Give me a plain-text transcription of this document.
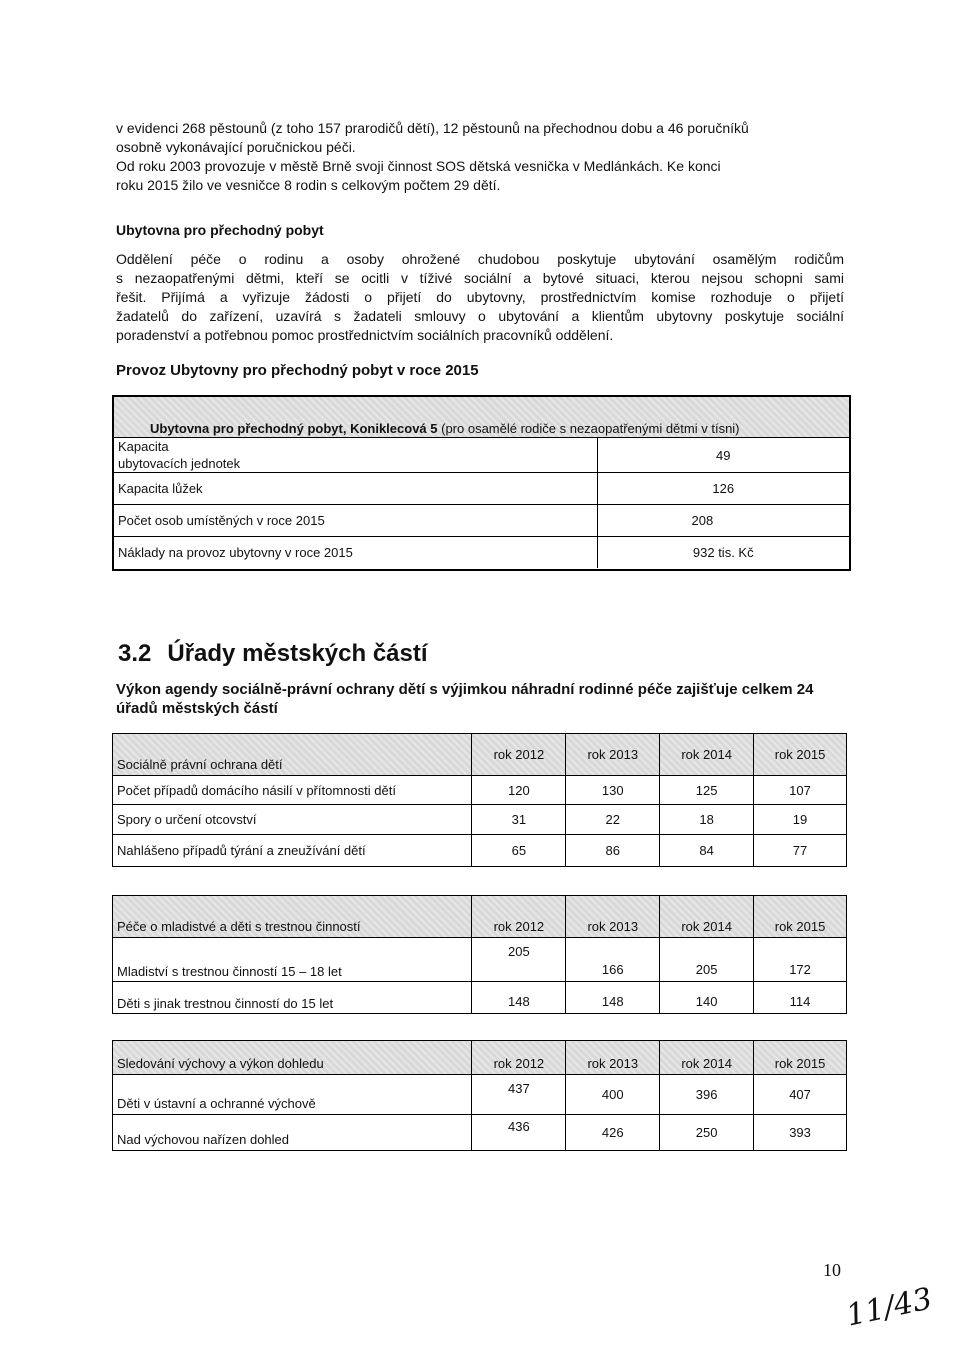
v evidenci 268 pěstounů (z toho 157 prarodičů dětí), 12 pěstounů na přechodnou dobu a 46 poručníků
osobně vykonávající poručnickou péči.
Od roku 2003 provozuje v městě Brně svoji činnost SOS dětská vesnička v Medlánkách. Ke konci
roku 2015 žilo ve vesničce 8 rodin s celkovým počtem 29 dětí.

Ubytovna pro přechodný pobyt

Oddělení péče o rodinu a osoby ohrožené chudobou poskytuje ubytování osamělým rodičům
s nezaopatřenými dětmi, kteří se ocitli v tíživé sociální a bytové situaci, kterou nejsou schopni sami
řešit. Přijímá a vyřizuje žádosti o přijetí do ubytovny, prostřednictvím komise rozhoduje o přijetí
žadatelů do zařízení, uzavírá s žadateli smlouvy o ubytování a klientům ubytovny poskytuje sociální
poradenství a potřebnou pomoc prostřednictvím sociálních pracovníků oddělení.

Provoz Ubytovny pro přechodný pobyt v roce 2015

Ubytovna pro přechodný pobyt, Koniklecová 5 (pro osamělé rodiče s nezaopatřenými dětmi v tísni)
Kapacita
ubytovacích jednotek	49
Kapacita lůžek	126
Počet osob umístěných v roce 2015	208
Náklady na provoz ubytovny v roce 2015	932 tis. Kč

3.2 Úřady městských částí

Výkon agendy sociálně-právní ochrany dětí s výjimkou náhradní rodinné péče zajišťuje celkem 24 úřadů městských částí

Sociálně právní ochrana dětí	rok 2012	rok 2013	rok 2014	rok 2015
Počet případů domácího násilí v přítomnosti dětí	120	130	125	107
Spory o určení otcovství	31	22	18	19
Nahlášeno případů týrání a zneužívání dětí	65	86	84	77
Péče o mladistvé a děti s trestnou činností	rok 2012	rok 2013	rok 2014	rok 2015
Mladiství s trestnou činností 15 – 18 let	205	166	205	172
Děti s jinak trestnou činností do 15 let	148	148	140	114
Sledování výchovy a výkon dohledu	rok 2012	rok 2013	rok 2014	rok 2015
Děti v ústavní a ochranné výchově	437	400	396	407
Nad výchovou nařízen dohled	436	426	250	393
10
11/43
